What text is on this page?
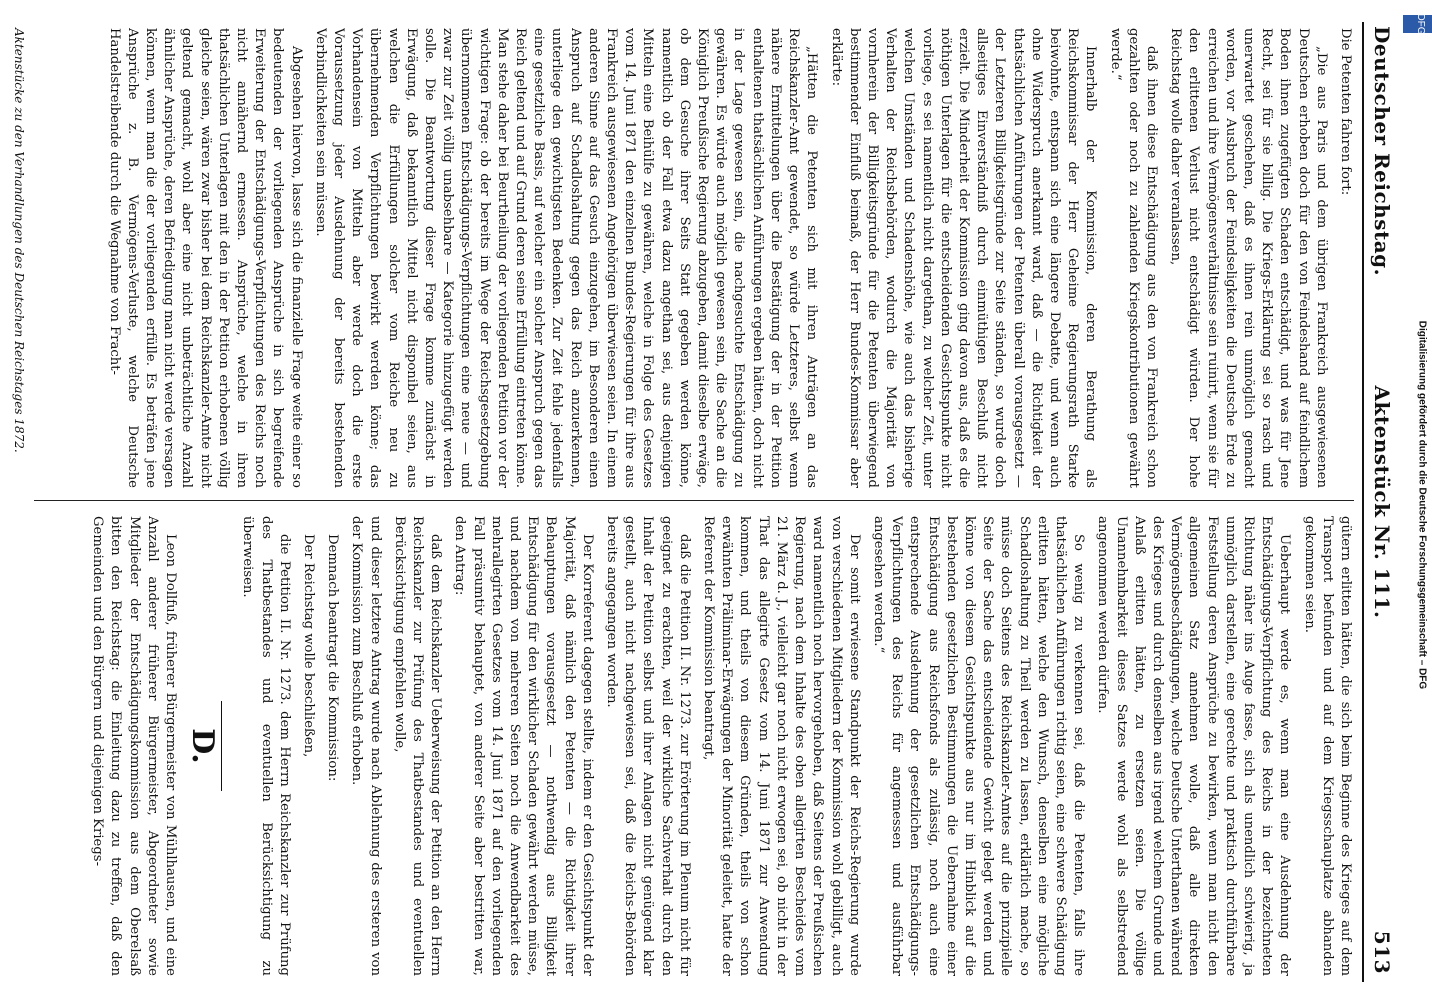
Deutscher Reichstag.
Aktenstück Nr. 111.
513

Die Petenten fahren fort:

„Die aus Paris und dem übrigen Frankreich ausgewiesenen Deutschen erhoben doch für den von Feindeshand auf feindlichem Boden ihnen zugefügten Schaden entschädigt, und was für Jene Recht, sei für sie billig. Die Kriegs-Erklärung sei so rasch und unerwartet geschehen, daß es ihnen rein unmöglich gemacht worden, vor Ausbruch der Feindseligkeiten die Deutsche Erde zu erreichen und ihre Vermögensverhältnisse sein ruinirt, wenn sie für den erlittenen Verlust nicht entschädigt würden. Der hohe Reichstag wolle daher veranlassen,

daß ihnen diese Entschädigung aus den von Frankreich schon gezahlten oder noch zu zahlenden Kriegskontributionen gewährt werde.“

Innerhalb der Kommission, deren Berathung als Reichskommissar der Herr Geheime Regierungsrath Starke beiwohnte, entspann sich eine längere Debatte, und wenn auch ohne Widerspruch anerkannt ward, daß — die Richtigkeit der thatsächlichen Anführungen der Petenten überall vorausgesetzt — der Letzteren Billigkeitsgründe zur Seite ständen, so wurde doch allseitiges Einverständniß durch einmüthigen Beschluß nicht erzielt. Die Minderheit der Kommission ging davon aus, daß es die nöthigen Unterlagen für die entscheidenden Gesichtspunkte nicht vorliege, es sei namentlich nicht dargethan, zu welcher Zeit, unter welchen Umständen und Schadenshöhe, wie auch das bisherige Verhalten der Reichsbehörden, wodurch die Majorität von vornherein der Billigkeitsgründe für die Petenten überwiegend bestimmender Einfluß beimaß, der Herr Bundes-Kommissar aber erklärte:

„Hätten die Petenten sich mit ihren Anträgen an das Reichskanzler-Amt gewendet, so würde Letzteres, selbst wenn nähere Ermittelungen über die Bestätigung der in der Petition enthaltenen thatsächlichen Anführungen ergeben hätten, doch nicht in der Lage gewesen sein, die nachgesuchte Entschädigung zu gewähren. Es würde auch möglich gewesen sein, die Sache an die Königlich Preußische Regierung abzugeben, damit dieselbe erwäge, ob dem Gesuche ihrer Seits Statt gegeben werden könne, namentlich ob der Fall etwa dazu angethan sei, aus denjenigen Mitteln eine Beihülfe zu gewähren, welche in Folge des Gesetzes vom 14. Juni 1871 den einzelnen Bundes-Regierungen für ihre aus Frankreich ausgewiesenen Angehörigen überwiesen seien. In einem anderen Sinne auf das Gesuch einzugehen, im Besonderen einen Anspruch auf Schadloshaltung gegen das Reich anzuerkennen, unterliege den gewichtigsten Bedenken. Zur Zeit fehle jedenfalls eine gesetzliche Basis, auf welcher ein solcher Anspruch gegen das Reich geltend und auf Grund deren seine Erfüllung eintreten könne. Man stehe daher bei Beurtheilung der vorliegenden Petition vor der wichtigen Frage: ob der bereits im Wege der Reichsgesetzgebung übernommenen Entschädigungs-Verpflichtungen eine neue — und zwar zur Zeit völlig unabsehbare — Kategorie hinzugefügt werden solle. Die Beantwortung dieser Frage komme zunächst in Erwägung, daß bekanntlich Mittel nicht disponibel seien, aus welchen die Erfüllungen solcher vom Reiche neu zu übernehmenden Verpflichtungen bewirkt werden könne; das Vorhandensein von Mitteln aber werde doch die erste Voraussetzung jeder Ausdehnung der bereits bestehenden Verbindlichkeiten sein müssen.

Abgesehen hiervon, lasse sich die finanzielle Frage weite einer so bedeutenden der vorliegenden Ansprüche in sich begreifende Erweiterung der Entschädigungs-Verpflichtungen des Reichs noch nicht annähernd ermessen. Ansprüche, welche in ihren thatsächlichen Unterlagen mit den in der Petition erhobenen völlig gleiche seien, wären zwar bisher bei dem Reichskanzler-Amte nicht geltend gemacht, wohl aber eine nicht unbeträchtliche Anzahl ähnlicher Ansprüche, deren Befriedigung man nicht werde versagen können, wenn man die der vorliegenden erfülle. Es beträfen jene Ansprüche z. B. Vermögens-Verluste, welche Deutsche Handelstreibende durch die Wegnahme von Fracht-

gütern erlitten hätten, die sich beim Beginne des Krieges auf dem Transport befunden und auf dem Kriegsschauplatze abhanden gekommen seien.

Ueberhaupt werde es, wenn man eine Ausdehnung der Entschädigungs-Verpflichtung des Reichs in der bezeichneten Richtung näher ins Auge fasse, sich als unendlich schwierig, ja unmöglich darstellen, eine gerechte und praktisch durchführbare Feststellung deren Ansprüche zu bewirken, wenn man nicht den allgemeinen Satz annehmen wolle, daß alle direkten Vermögensbeschädigungen, welche Deutsche Unterthanen während des Krieges und durch denselben aus irgend welchem Grunde und Anlaß erlitten hätten, zu ersetzen seien. Die völlige Unannehmbarkeit dieses Satzes werde wohl als selbstredend angenommen werden dürfen.

So wenig zu verkennen sei, daß die Petenten, falls ihre thatsächlichen Anführungen richtig seien, eine schwere Schädigung erlitten hätten, welche den Wunsch, denselben eine mögliche Schadloshaltung zu Theil werden zu lassen, erklärlich mache, so müsse doch Seitens des Reichskanzler-Amtes auf die prinzipielle Seite der Sache das entscheidende Gewicht gelegt werden und könne von diesem Gesichtspunkte aus nur im Hinblick auf die bestehenden gesetzlichen Bestimmungen die Uebernahme einer Entschädigung aus Reichsfonds als zulässig, noch auch eine entsprechende Ausdehnung der gesetzlichen Entschädigungs-Verpflichtungen des Reichs für angemessen und ausführbar angesehen werden.“

Der somit erwiesene Standpunkt der Reichs-Regierung wurde von verschiedenen Mitgliedern der Kommission wohl gebilligt, auch ward namentlich noch hervorgehoben, daß Seitens der Preußischen Regierung, nach dem Inhalte des oben allegirten Bescheides vom 21. März d. J., vielleicht gar noch nicht erwogen sei, ob nicht in der That das allegirte Gesetz vom 14. Juni 1871 zur Anwendung kommen, und theils von diesem Gründen, theils von schon erwähnten Präliminar-Erwägungen der Minorität geleitet, hatte der Referent der Kommission beantragt,

daß die Petition II. Nr. 1273. zur Erörterung im Plenum nicht für geeignet zu erachten, weil der wirkliche Sachverhalt durch den Inhalt der Petition selbst und ihrer Anlagen nicht genügend klar gestellt, auch nicht nachgewiesen sei, daß die Reichs-Behörden bereits angegangen worden.

Der Korreferent dagegen stellte, indem er den Gesichtspunkt der Majorität, daß nämlich den Petenten — die Richtigkeit ihrer Behauptungen vorausgesetzt — nothwendig aus Billigkeit Entschädigung für den wirklicher Schaden gewährt werden müsse, und nachdem von mehreren Seiten noch die Anwendbarkeit des mehrallegirten Gesetzes vom 14. Juni 1871 auf den vorliegenden Fall präsumtiv behauptet, von anderer Seite aber bestritten war, den Antrag:

daß dem Reichskanzler Ueberweisung der Petition an den Herrn Reichskanzler zur Prüfung des Thatbestandes und eventuellen Berücksichtigung empfehlen wolle,

und dieser letztere Antrag wurde nach Ablehnung des ersteren von der Kommission zum Beschluß erhoben.

Demnach beantragt die Kommission:

Der Reichstag wolle beschließen,

die Petition II. Nr. 1273. dem Herrn Reichskanzler zur Prüfung des Thatbestandes und eventuellen Berücksichtigung zu überweisen.

D.

Leon Dollfuß, früherer Bürgermeister von Mühlhausen, und eine Anzahl anderer früherer Bürgermeister, Abgeordneter sowie Mitglieder der Entschädigungskommission aus dem Oberelsaß bitten den Reichstag: die Einleitung dazu zu treffen, daß den Gemeinden und den Bürgern und diejenigen Kriegs-

Aktenstücke zu den Verhandlungen des Deutschen Reichstages 1872.
Digitalisierung gefördert durch die Deutsche Forschungsgemeinschaft – DFG
DFG
